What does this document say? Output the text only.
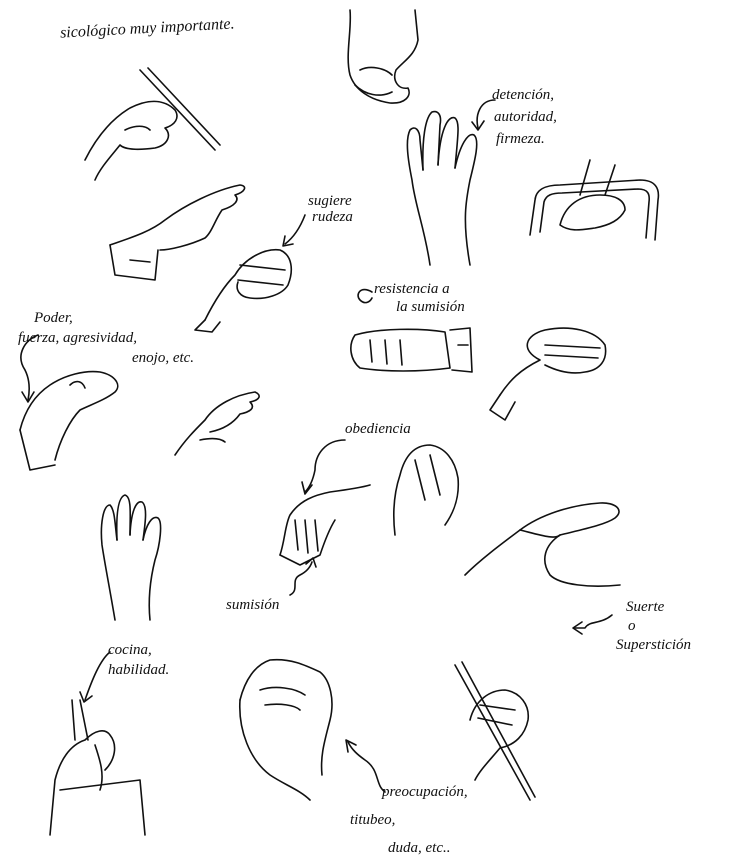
sicológico muy importante.
detención,
autoridad,
firmeza.
sugiere
rudeza
resistencia a
la sumisión
Poder,
fuerza, agresividad,
enojo, etc.
obediencia
sumisión	Suerte
o
Superstición
cocina,
habilidad.
preocupación,
titubeo,
duda, etc..
